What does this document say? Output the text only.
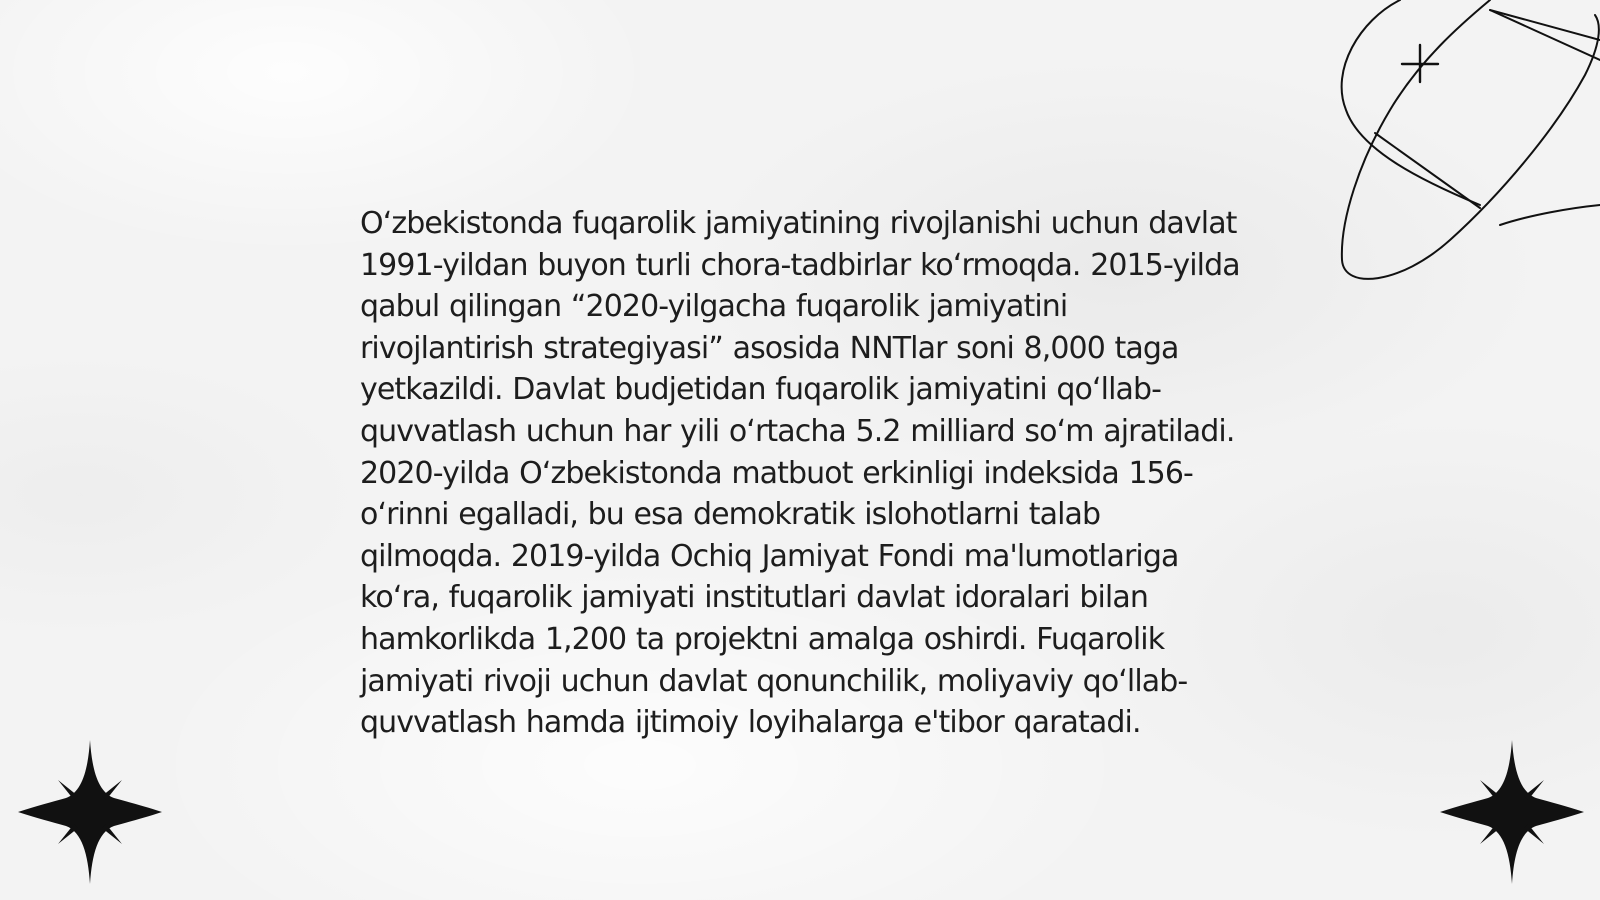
O‘zbekistonda fuqarolik jamiyatining rivojlanishi uchun davlat 1991-yildan buyon turli chora-tadbirlar ko‘rmoqda. 2015-yilda qabul qilingan “2020-yilgacha fuqarolik jamiyatini rivojlantirish strategiyasi” asosida NNTlar soni 8,000 taga yetkazildi. Davlat budjetidan fuqarolik jamiyatini qo‘llab-quvvatlash uchun har yili o‘rtacha 5.2 milliard so‘m ajratiladi. 2020-yilda O‘zbekistonda matbuot erkinligi indeksida 156-o‘rinni egalladi, bu esa demokratik islohotlarni talab qilmoqda. 2019-yilda Ochiq Jamiyat Fondi ma'lumotlariga ko‘ra, fuqarolik jamiyati institutlari davlat idoralari bilan hamkorlikda 1,200 ta projektni amalga oshirdi. Fuqarolik jamiyati rivoji uchun davlat qonunchilik, moliyaviy qo‘llab-quvvatlash hamda ijtimoiy loyihalarga e'tibor qaratadi.
